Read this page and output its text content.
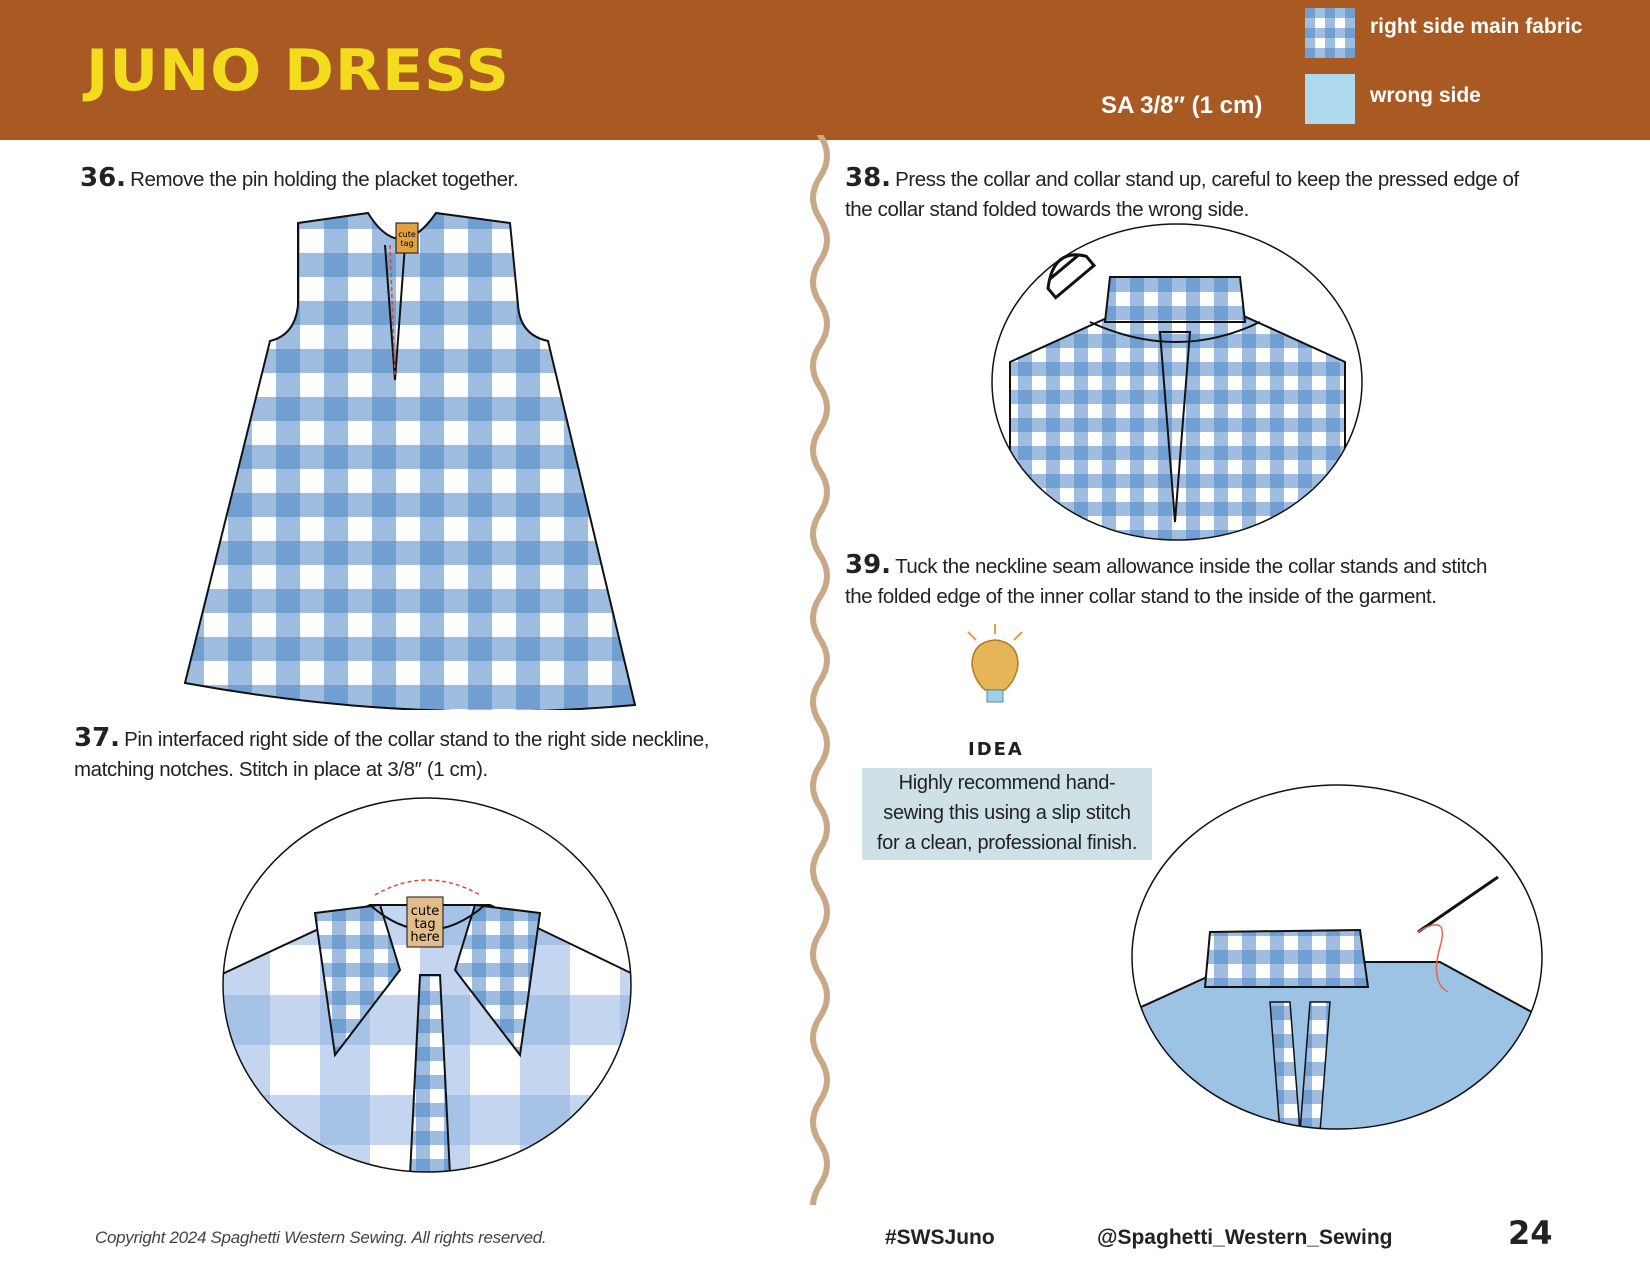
JUNO DRESS
SA 3/8″ (1 cm)
right side main fabric
wrong side
36. Remove the pin holding the placket together.
cute
tag
37. Pin interfaced right side of the collar stand to the right side neckline,
matching notches. Stitch in place at 3/8″ (1 cm).
cute
tag
here
38. Press the collar and collar stand up, careful to keep the pressed edge of
the collar stand folded towards the wrong side.
39. Tuck the neckline seam allowance inside the collar stands and stitch
the folded edge of the inner collar stand to the inside of the garment.
IDEA
Highly recommend hand-
sewing this using a slip stitch
for a clean, professional finish.
Copyright 2024 Spaghetti Western Sewing. All rights reserved.	#SWSJuno	@Spaghetti_Western_Sewing	24
